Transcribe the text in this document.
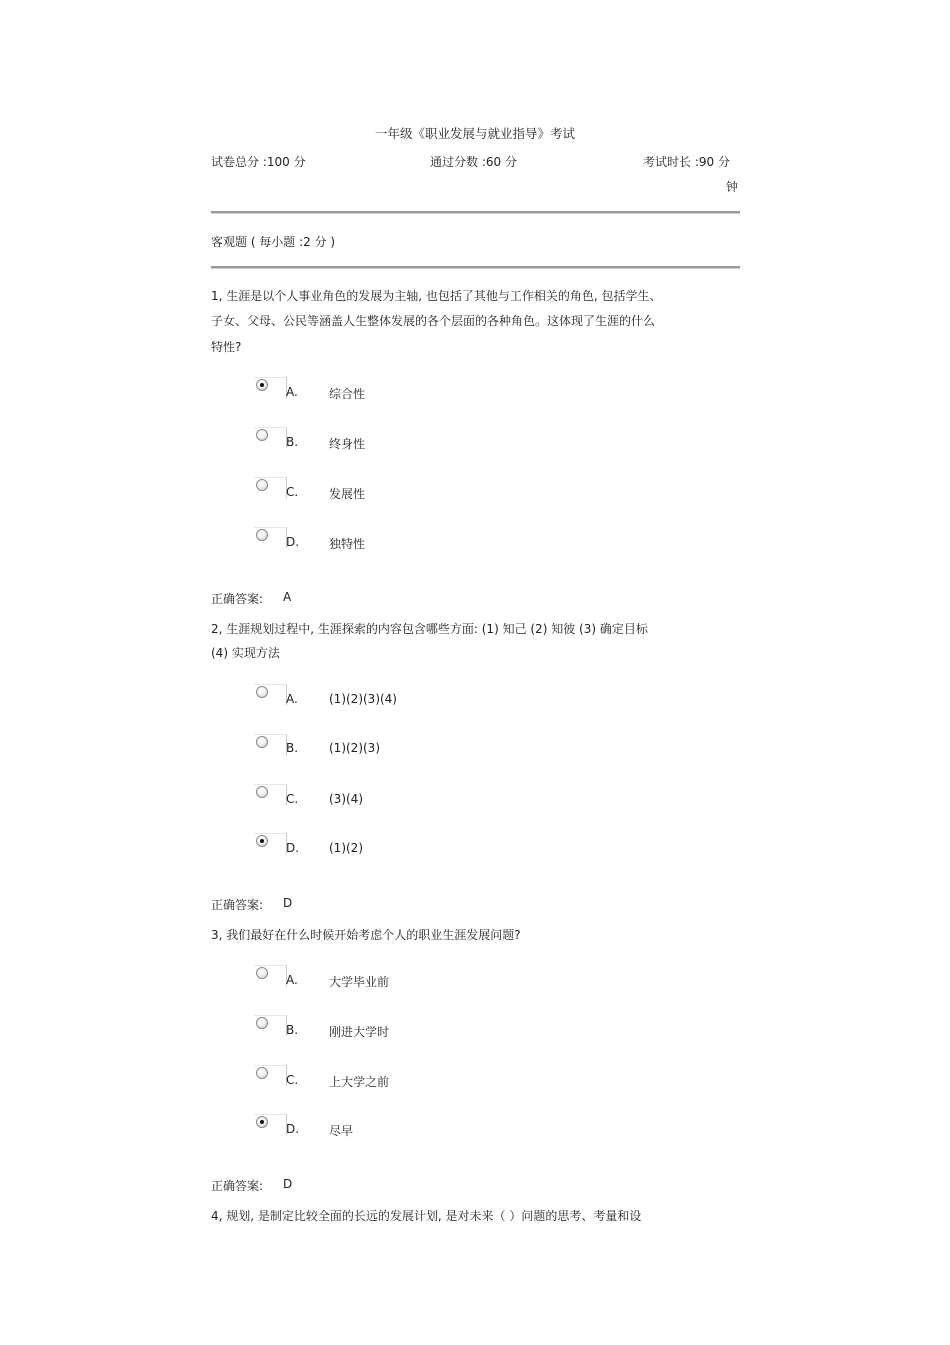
一年级《职业发展与就业指导》考试
试卷总分 :100 分	通过分数 :60 分	考试时长 :90 分
钟
客观题 ( 每小题 :2 分 )
1, 生涯是以个人事业角色的发展为主轴, 也包括了其他与工作相关的角色, 包括学生、
子女、父母、公民等涵盖人生整体发展的各个层面的各种角色。这体现了生涯的什么
特性?
A.	综合性
B.	终身性
C.	发展性
D. 独特性
正确答案: A
2, 生涯规划过程中, 生涯探索的内容包含哪些方面: (1) 知己 (2) 知彼 (3) 确定目标
(4) 实现方法
A.	(1)(2)(3)(4)
B.	(1)(2)(3)
C.	(3)(4)
D. (1)(2)
正确答案: D
3, 我们最好在什么时候开始考虑个人的职业生涯发展问题?
A.	大学毕业前
B.	刚进大学时
C.	上大学之前
D. 尽早
正确答案: D
4, 规划, 是制定比较全面的长远的发展计划, 是对未来（ ）问题的思考、考量和设
